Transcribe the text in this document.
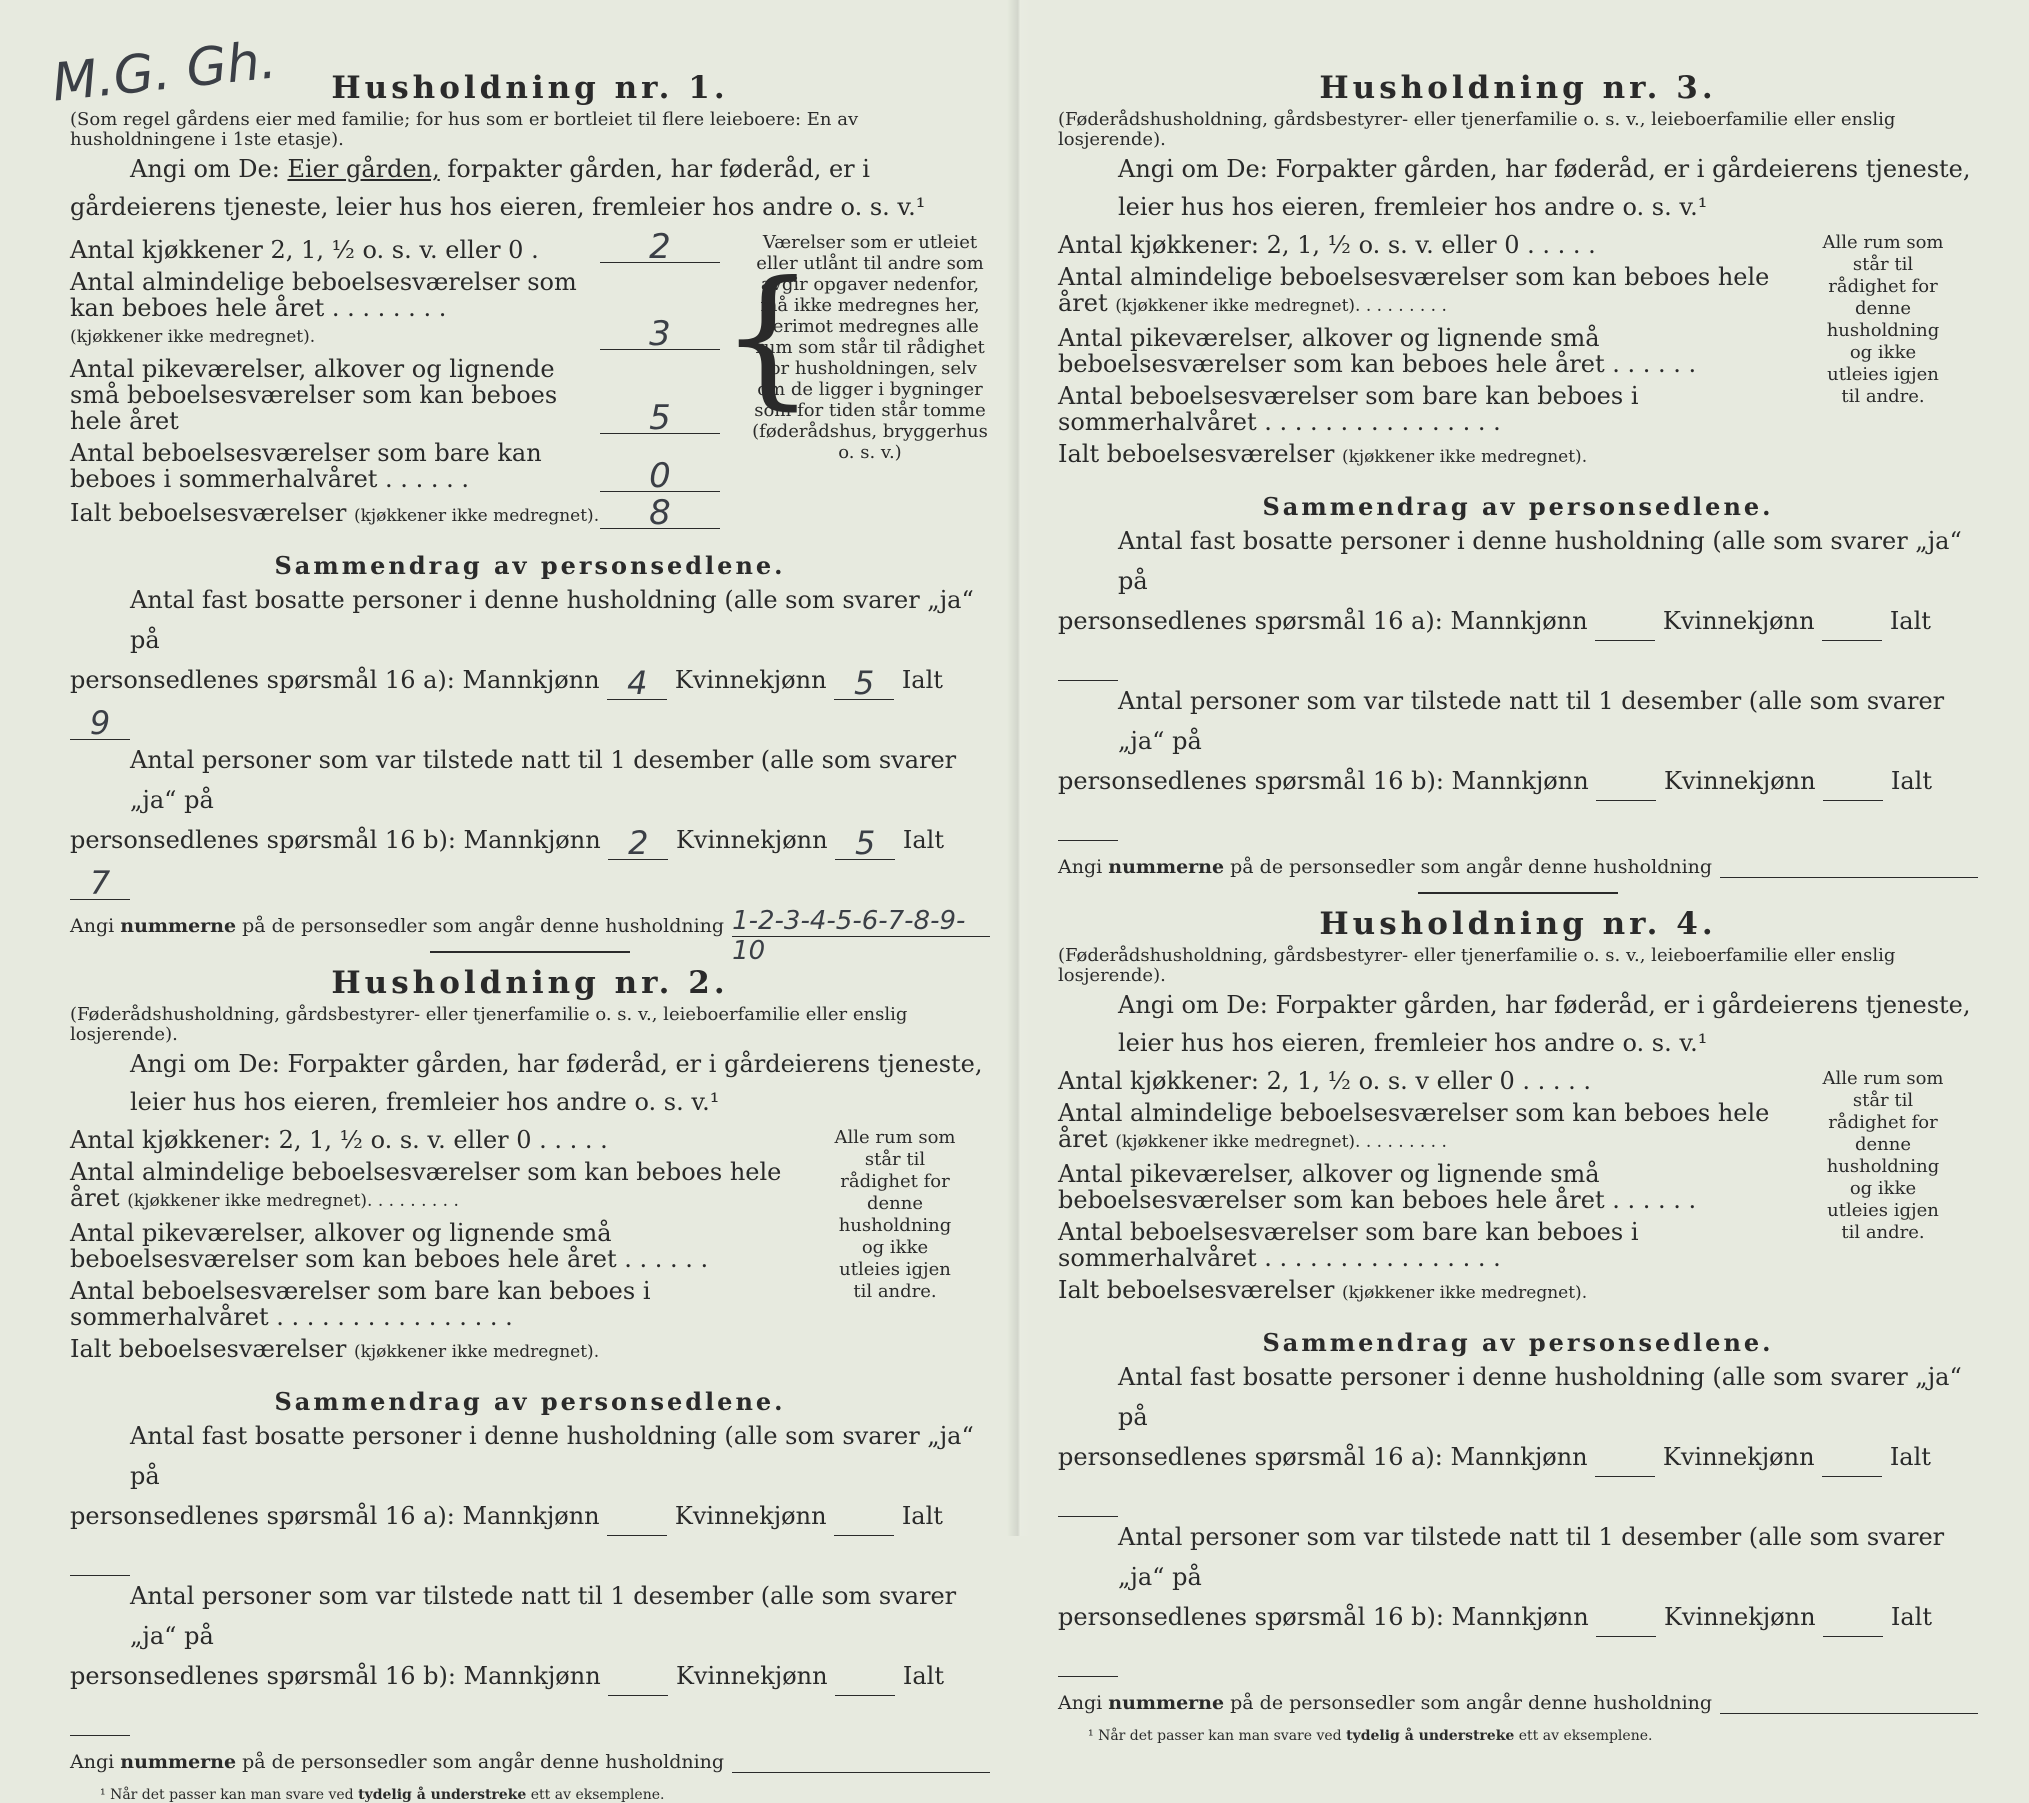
M.G. Gh.	Husholdning nr. 1.

(Som regel gårdens eier med familie; for hus som er bortleiet til flere leieboere: En av husholdningene i 1ste etasje).

Angi om De: Eier gården, forpakter gården, har føderåd, er i gårdeierens tjeneste, leier hus hos eieren, fremleier hos andre o. s. v.¹
Antal kjøkkener 2, 1, ½ o. s. v. eller 0 .	2
Antal almindelige beboelsesværelser som kan beboes hele året . . . . . . . .
(kjøkkener ikke medregnet).	3
Antal pikeværelser, alkover og lignende små beboelsesværelser som kan beboes hele året	5
Antal beboelsesværelser som bare kan beboes i sommerhalvåret . . . . . .	0
Ialt beboelsesværelser (kjøkkener ikke medregnet).	8
{
Værelser som er utleiet eller utlånt til andre som avgir opgaver nedenfor, må ikke medregnes her, derimot medregnes alle rum som står til rådighet for husholdningen, selv om de ligger i bygninger som for tiden står tomme (føderådshus, bryggerhus o. s. v.)
Sammendrag av personsedlene.
Antal fast bosatte personer i denne husholdning (alle som svarer „ja“ på
personsedlenes spørsmål 16 a): Mannkjønn 4 Kvinnekjønn 5 Ialt 9
Antal personer som var tilstede natt til 1 desember (alle som svarer „ja“ på
personsedlenes spørsmål 16 b): Mannkjønn 2 Kvinnekjønn 5 Ialt 7
Angi
nummerne
på de personsedler som angår denne husholdning 1-2-3-4-5-6-7-8-9-10
Husholdning nr. 2.

(Føderådshusholdning, gårdsbestyrer- eller tjenerfamilie o. s. v., leieboerfamilie eller enslig losjerende).

Angi om De: Forpakter gården, har føderåd, er i gårdeierens tjeneste, leier hus hos eieren, fremleier hos andre o. s. v.¹
Antal kjøkkener: 2, 1, ½ o. s. v. eller 0 . . . . .
Antal almindelige beboelsesværelser som kan beboes hele året (kjøkkener ikke medregnet). . . . . . . . .
Antal pikeværelser, alkover og lignende små beboelsesværelser som kan beboes hele året . . . . . .
Antal beboelsesværelser som bare kan beboes i sommerhalvåret . . . . . . . . . . . . . . . .
Ialt beboelsesværelser (kjøkkener ikke medregnet).
Alle rum som står til rådighet for denne husholdning og ikke utleies igjen til andre.
Sammendrag av personsedlene.
Antal fast bosatte personer i denne husholdning (alle som svarer „ja“ på
personsedlenes spørsmål 16 a): Mannkjønn	Kvinnekjønn	Ialt
Antal personer som var tilstede natt til 1 desember (alle som svarer „ja“ på
personsedlenes spørsmål 16 b): Mannkjønn	Kvinnekjønn	Ialt
Angi
nummerne
på de personsedler som angår denne husholdning
¹ Når det passer kan man svare ved tydelig å understreke ett av eksemplene.
Husholdning nr. 3.

(Føderådshusholdning, gårdsbestyrer- eller tjenerfamilie o. s. v., leieboerfamilie eller enslig losjerende).

Angi om De: Forpakter gården, har føderåd, er i gårdeierens tjeneste, leier hus hos eieren, fremleier hos andre o. s. v.¹
Antal kjøkkener: 2, 1, ½ o. s. v. eller 0 . . . . .
Antal almindelige beboelsesværelser som kan beboes hele året (kjøkkener ikke medregnet). . . . . . . . .
Antal pikeværelser, alkover og lignende små beboelsesværelser som kan beboes hele året . . . . . .
Antal beboelsesværelser som bare kan beboes i sommerhalvåret . . . . . . . . . . . . . . . .
Ialt beboelsesværelser (kjøkkener ikke medregnet).
Alle rum som står til rådighet for denne husholdning og ikke utleies igjen til andre.
Sammendrag av personsedlene.
Antal fast bosatte personer i denne husholdning (alle som svarer „ja“ på
personsedlenes spørsmål 16 a): Mannkjønn	Kvinnekjønn	Ialt
Antal personer som var tilstede natt til 1 desember (alle som svarer „ja“ på
personsedlenes spørsmål 16 b): Mannkjønn	Kvinnekjønn	Ialt
Angi
nummerne
på de personsedler som angår denne husholdning
Husholdning nr. 4.

(Føderådshusholdning, gårdsbestyrer- eller tjenerfamilie o. s. v., leieboerfamilie eller enslig losjerende).

Angi om De: Forpakter gården, har føderåd, er i gårdeierens tjeneste, leier hus hos eieren, fremleier hos andre o. s. v.¹
Antal kjøkkener: 2, 1, ½ o. s. v eller 0 . . . . .
Antal almindelige beboelsesværelser som kan beboes hele året (kjøkkener ikke medregnet). . . . . . . . .
Antal pikeværelser, alkover og lignende små beboelsesværelser som kan beboes hele året . . . . . .
Antal beboelsesværelser som bare kan beboes i sommerhalvåret . . . . . . . . . . . . . . . .
Ialt beboelsesværelser (kjøkkener ikke medregnet).
Alle rum som står til rådighet for denne husholdning og ikke utleies igjen til andre.
Sammendrag av personsedlene.
Antal fast bosatte personer i denne husholdning (alle som svarer „ja“ på
personsedlenes spørsmål 16 a): Mannkjønn	Kvinnekjønn	Ialt
Antal personer som var tilstede natt til 1 desember (alle som svarer „ja“ på
personsedlenes spørsmål 16 b): Mannkjønn	Kvinnekjønn	Ialt
Angi
nummerne
på de personsedler som angår denne husholdning
¹ Når det passer kan man svare ved tydelig å understreke ett av eksemplene.
